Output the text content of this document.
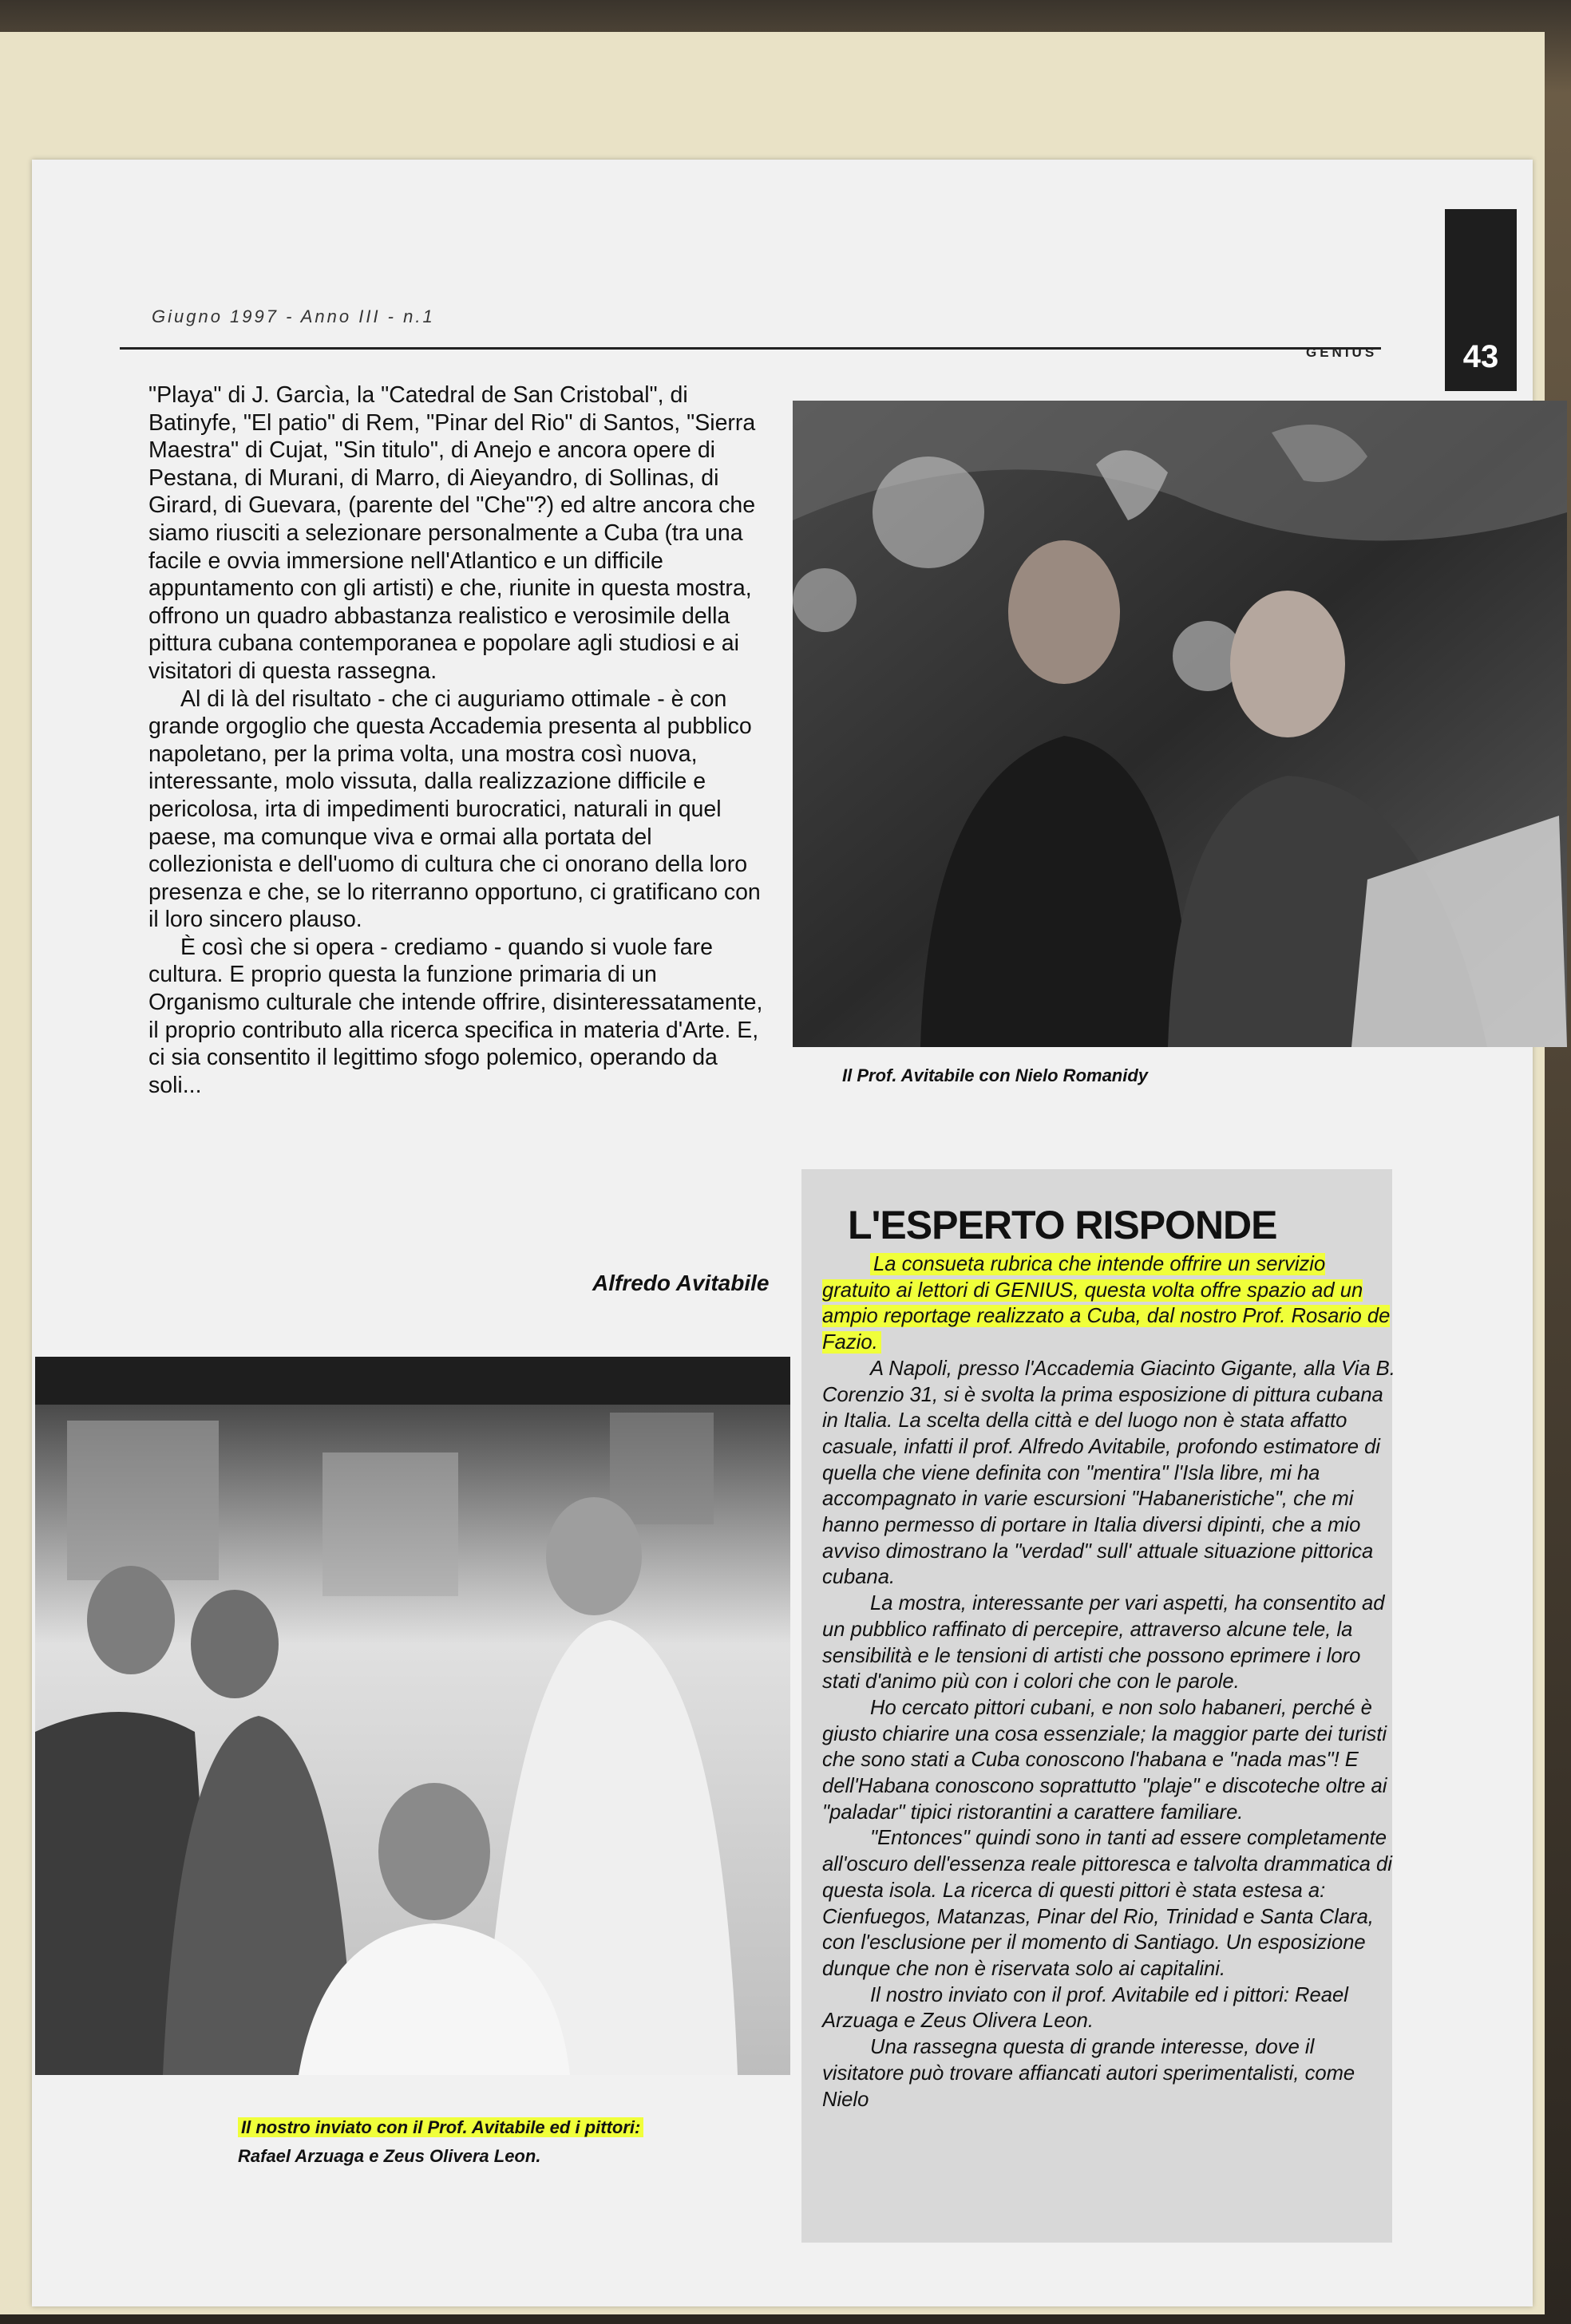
Giugno 1997 - Anno III - n.1
GENIUS	43

"Playa" di J. Garcìa, la "Catedral de San Cristobal", di Batinyfe, "El patio" di Rem, "Pinar del Rio" di Santos, "Sierra Maestra" di Cujat, "Sin titulo", di Anejo e ancora opere di Pestana, di Murani, di Marro, di Aieyandro, di Sollinas, di Girard, di Guevara, (parente del "Che"?) ed altre ancora che siamo riusciti a selezionare personalmente a Cuba (tra una facile e ovvia immersione nell'Atlantico e un difficile appuntamento con gli artisti) e che, riunite in questa mostra, offrono un quadro abbastanza realistico e verosimile della pittura cubana contemporanea e popolare agli studiosi e ai visitatori di questa rassegna.

Al di là del risultato - che ci auguriamo ottimale - è con grande orgoglio che questa Accademia presenta al pubblico napoletano, per la prima volta, una mostra così nuova, interessante, molo vissuta, dalla realizzazione difficile e pericolosa, irta di impedimenti burocratici, naturali in quel paese, ma comunque viva e ormai alla portata del collezionista e dell'uomo di cultura che ci onorano della loro presenza e che, se lo riterranno opportuno, ci gratificano con il loro sincero plauso.

È così che si opera - crediamo - quando si vuole fare cultura. E proprio questa la funzione primaria di un Organismo culturale che intende offrire, disinteressatamente, il proprio contributo alla ricerca specifica in materia d'Arte. E, ci sia consentito il legittimo sfogo polemico, operando da soli...

Alfredo Avitabile
Il Prof. Avitabile con Nielo Romanidy
Il nostro inviato con il Prof. Avitabile ed i pittori:
Rafael Arzuaga e Zeus Olivera Leon.
L'ESPERTO RISPONDE

La consueta rubrica che intende offrire un servizio gratuito ai lettori di GENIUS, questa volta offre spazio ad un ampio reportage realizzato a Cuba, dal nostro Prof. Rosario de Fazio.

A Napoli, presso l'Accademia Giacinto Gigante, alla Via B. Corenzio 31, si è svolta la prima esposizione di pittura cubana in Italia. La scelta della città e del luogo non è stata affatto casuale, infatti il prof. Alfredo Avitabile, profondo estimatore di quella che viene definita con "mentira" l'Isla libre, mi ha accompagnato in varie escursioni "Habaneristiche", che mi hanno permesso di portare in Italia diversi dipinti, che a mio avviso dimostrano la "verdad" sull' attuale situazione pittorica cubana.

La mostra, interessante per vari aspetti, ha consentito ad un pubblico raffinato di percepire, attraverso alcune tele, la sensibilità e le tensioni di artisti che possono eprimere i loro stati d'animo più con i colori che con le parole.

Ho cercato pittori cubani, e non solo habaneri, perché è giusto chiarire una cosa essenziale; la maggior parte dei turisti che sono stati a Cuba conoscono l'habana e "nada mas"! E dell'Habana conoscono soprattutto "plaje" e discoteche oltre ai "paladar" tipici ristorantini a carattere familiare.

"Entonces" quindi sono in tanti ad essere completamente all'oscuro dell'essenza reale pittoresca e talvolta drammatica di questa isola. La ricerca di questi pittori è stata estesa a: Cienfuegos, Matanzas, Pinar del Rio, Trinidad e Santa Clara, con l'esclusione per il momento di Santiago. Un esposizione dunque che non è riservata solo ai capitalini.

Il nostro inviato con il prof. Avitabile ed i pittori: Reael Arzuaga e Zeus Olivera Leon.

Una rassegna questa di grande interesse, dove il visitatore può trovare affiancati autori sperimentalisti, come Nielo
